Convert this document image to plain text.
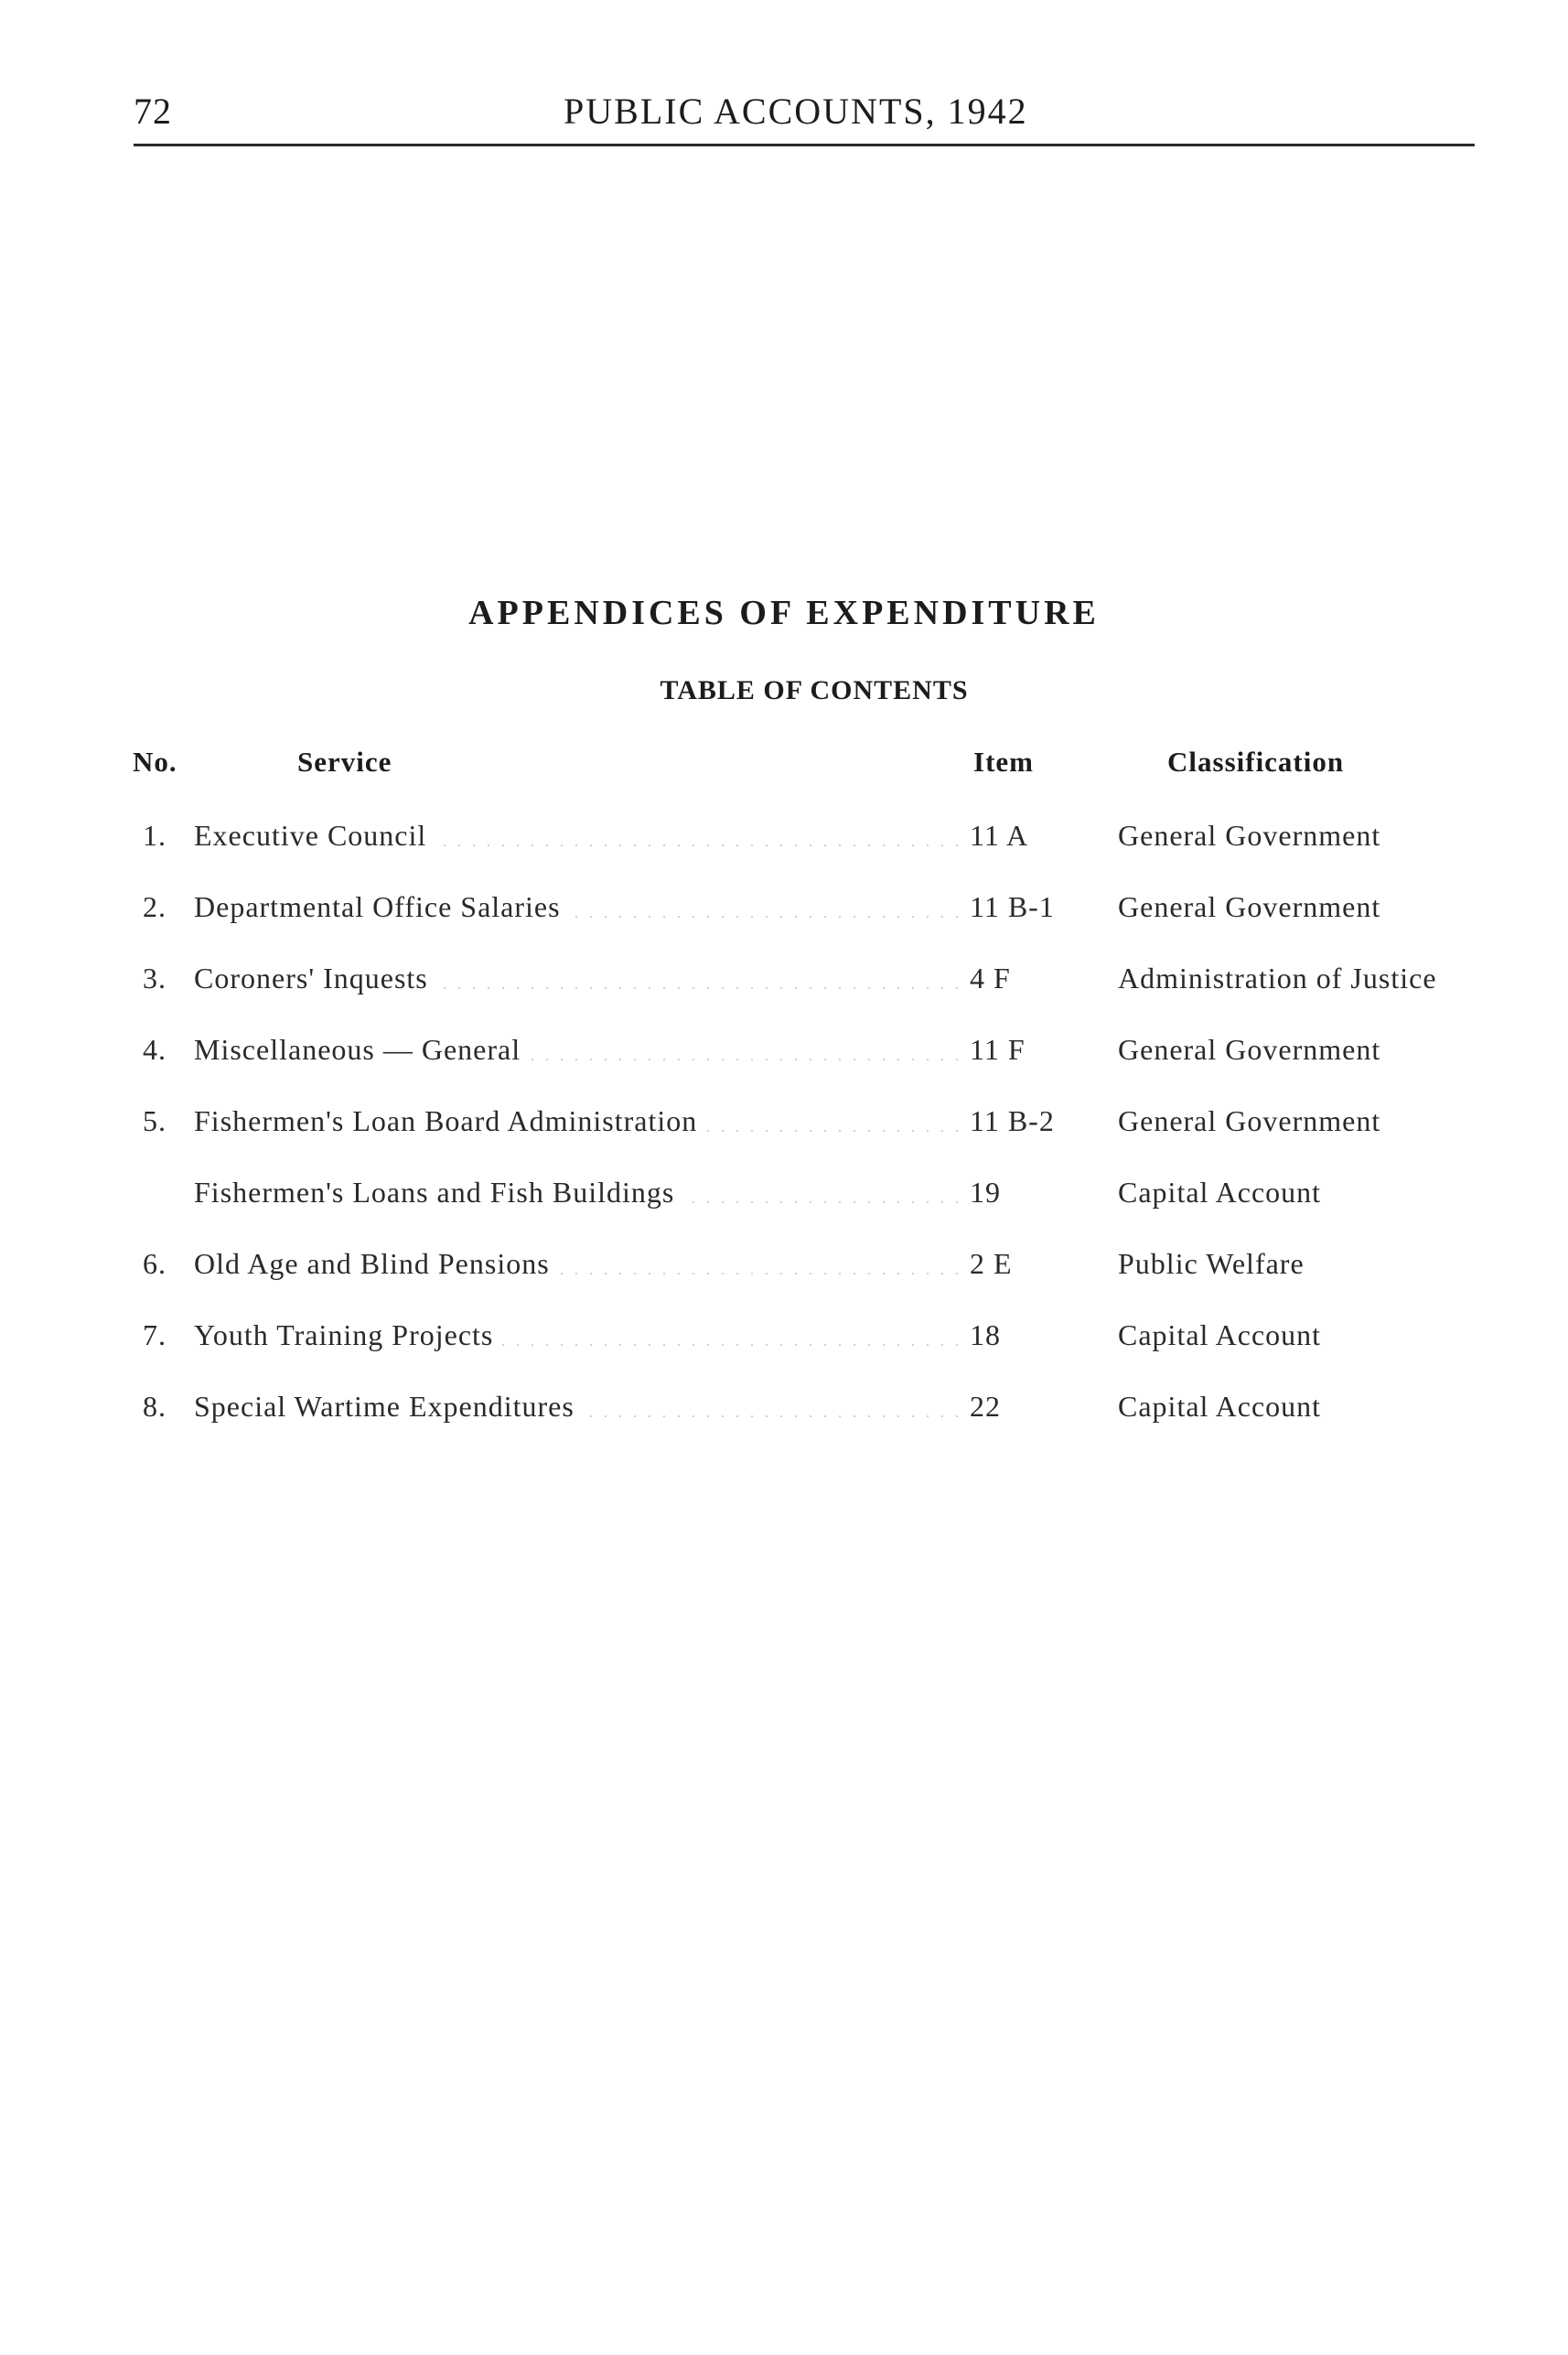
72	PUBLIC ACCOUNTS, 1942
APPENDICES OF EXPENDITURE
TABLE OF CONTENTS
No.	Service	Item	Classification
1. Executive Council . . .	11 A	General Government
2. Departmental Office Salaries . . .	11 B-1	General Government
3. Coroners' Inquests . . .	4 F	Administration of Justice
4. Miscellaneous — General . . .	11 F	General Government
5. Fishermen's Loan Board Administration . . .	11 B-2	General Government
Fishermen's Loans and Fish Buildings . . .	19	Capital Account
6. Old Age and Blind Pensions . . .	2 E	Public Welfare
7. Youth Training Projects . . .	18	Capital Account
8. Special Wartime Expenditures . . .	22	Capital Account
